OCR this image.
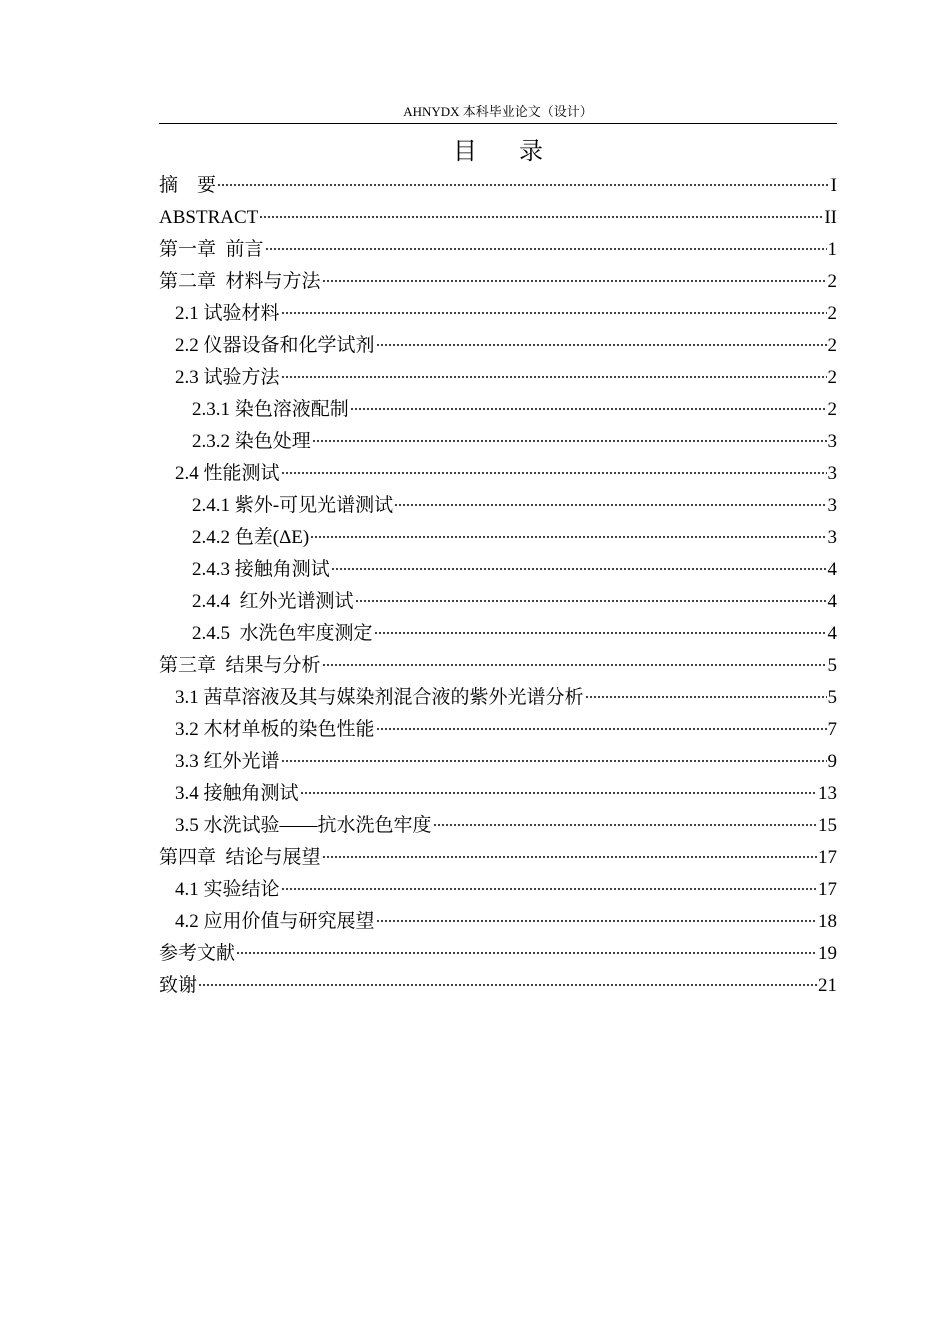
AHNYDX 本科毕业论文（设计）
目 录
摘    要	I
ABSTRACT	II
第一章  前言	1
第二章  材料与方法	2
2.1 试验材料	2
2.2 仪器设备和化学试剂	2
2.3 试验方法	2
2.3.1 染色溶液配制	2
2.3.2 染色处理	3
2.4 性能测试	3
2.4.1 紫外-可见光谱测试	3
2.4.2 色差(ΔE)	3
2.4.3 接触角测试	4
2.4.4  红外光谱测试	4
2.4.5  水洗色牢度测定	4
第三章  结果与分析	5
3.1 茜草溶液及其与媒染剂混合液的紫外光谱分析	5
3.2 木材单板的染色性能	7
3.3 红外光谱	9
3.4 接触角测试	13
3.5 水洗试验——抗水洗色牢度	15
第四章  结论与展望	17
4.1 实验结论	17
4.2 应用价值与研究展望	18
参考文献	19
致谢	21
